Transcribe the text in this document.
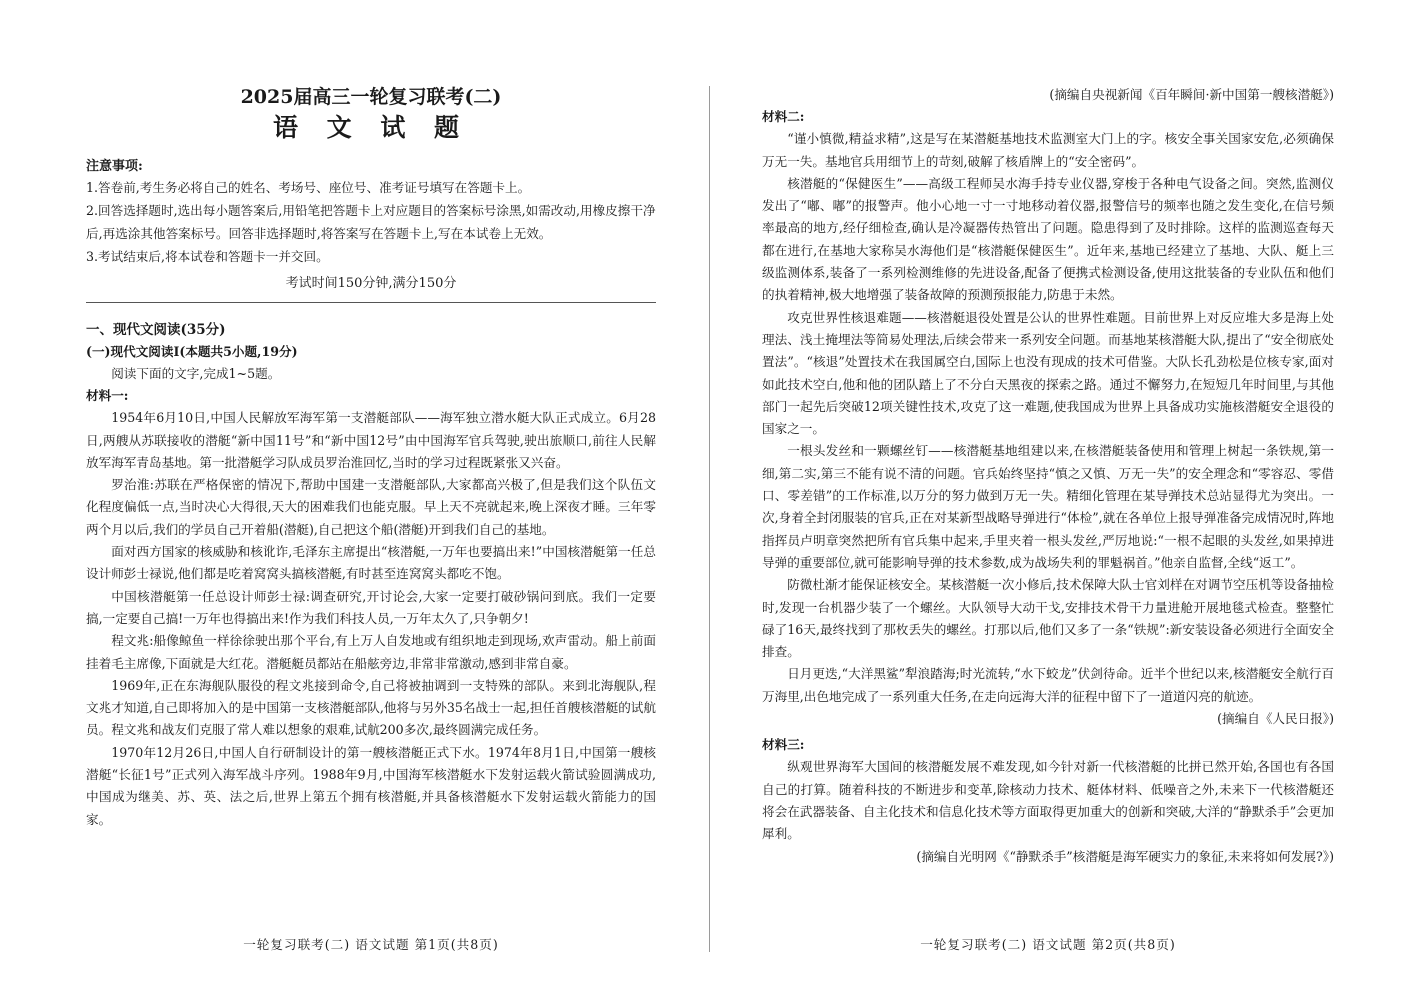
2025届高三一轮复习联考(二)
语 文 试 题

注意事项:

1.答卷前,考生务必将自己的姓名、考场号、座位号、准考证号填写在答题卡上。

2.回答选择题时,选出每小题答案后,用铅笔把答题卡上对应题目的答案标号涂黑,如需改动,用橡皮擦干净后,再选涂其他答案标号。回答非选择题时,将答案写在答题卡上,写在本试卷上无效。

3.考试结束后,将本试卷和答题卡一并交回。

考试时间150分钟,满分150分

一、现代文阅读(35分)

(一)现代文阅读Ⅰ(本题共5小题,19分)

阅读下面的文字,完成1~5题。

材料一:

1954年6月10日,中国人民解放军海军第一支潜艇部队——海军独立潜水艇大队正式成立。6月28日,两艘从苏联接收的潜艇“新中国11号”和“新中国12号”由中国海军官兵驾驶,驶出旅顺口,前往人民解放军海军青岛基地。第一批潜艇学习队成员罗治淮回忆,当时的学习过程既紧张又兴奋。

罗治淮:苏联在严格保密的情况下,帮助中国建一支潜艇部队,大家都高兴极了,但是我们这个队伍文化程度偏低一点,当时决心大得很,天大的困难我们也能克服。早上天不亮就起来,晚上深夜才睡。三年零两个月以后,我们的学员自己开着船(潜艇),自己把这个船(潜艇)开到我们自己的基地。

面对西方国家的核威胁和核讹诈,毛泽东主席提出“核潜艇,一万年也要搞出来!”中国核潜艇第一任总设计师彭士禄说,他们都是吃着窝窝头搞核潜艇,有时甚至连窝窝头都吃不饱。

中国核潜艇第一任总设计师彭士禄:调查研究,开讨论会,大家一定要打破砂锅问到底。我们一定要搞,一定要自己搞!一万年也得搞出来!作为我们科技人员,一万年太久了,只争朝夕!

程文兆:船像鲸鱼一样徐徐驶出那个平台,有上万人自发地或有组织地走到现场,欢声雷动。船上前面挂着毛主席像,下面就是大红花。潜艇艇员都站在船舷旁边,非常非常激动,感到非常自豪。

1969年,正在东海舰队服役的程文兆接到命令,自己将被抽调到一支特殊的部队。来到北海舰队,程文兆才知道,自己即将加入的是中国第一支核潜艇部队,他将与另外35名战士一起,担任首艘核潜艇的试航员。程文兆和战友们克服了常人难以想象的艰难,试航200多次,最终圆满完成任务。

1970年12月26日,中国人自行研制设计的第一艘核潜艇正式下水。1974年8月1日,中国第一艘核潜艇“长征1号”正式列入海军战斗序列。1988年9月,中国海军核潜艇水下发射运载火箭试验圆满成功,中国成为继美、苏、英、法之后,世界上第五个拥有核潜艇,并具备核潜艇水下发射运载火箭能力的国家。

(摘编自央视新闻《百年瞬间·新中国第一艘核潜艇》)

材料二:

“谨小慎微,精益求精”,这是写在某潜艇基地技术监测室大门上的字。核安全事关国家安危,必须确保万无一失。基地官兵用细节上的苛刻,破解了核盾牌上的“安全密码”。

核潜艇的“保健医生”——高级工程师吴水海手持专业仪器,穿梭于各种电气设备之间。突然,监测仪发出了“嘟、嘟”的报警声。他小心地一寸一寸地移动着仪器,报警信号的频率也随之发生变化,在信号频率最高的地方,经仔细检查,确认是冷凝器传热管出了问题。隐患得到了及时排除。这样的监测巡查每天都在进行,在基地大家称吴水海他们是“核潜艇保健医生”。近年来,基地已经建立了基地、大队、艇上三级监测体系,装备了一系列检测维修的先进设备,配备了便携式检测设备,使用这批装备的专业队伍和他们的执着精神,极大地增强了装备故障的预测预报能力,防患于未然。

攻克世界性核退难题——核潜艇退役处置是公认的世界性难题。目前世界上对反应堆大多是海上处理法、浅土掩埋法等简易处理法,后续会带来一系列安全问题。而基地某核潜艇大队,提出了“安全彻底处置法”。“核退”处置技术在我国属空白,国际上也没有现成的技术可借鉴。大队长孔劲松是位核专家,面对如此技术空白,他和他的团队踏上了不分白天黑夜的探索之路。通过不懈努力,在短短几年时间里,与其他部门一起先后突破12项关键性技术,攻克了这一难题,使我国成为世界上具备成功实施核潜艇安全退役的国家之一。

一根头发丝和一颗螺丝钉——核潜艇基地组建以来,在核潜艇装备使用和管理上树起一条铁规,第一细,第二实,第三不能有说不清的问题。官兵始终坚持“慎之又慎、万无一失”的安全理念和“零容忍、零借口、零差错”的工作标准,以万分的努力做到万无一失。精细化管理在某导弹技术总站显得尤为突出。一次,身着全封闭服装的官兵,正在对某新型战略导弹进行“体检”,就在各单位上报导弹准备完成情况时,阵地指挥员卢明章突然把所有官兵集中起来,手里夹着一根头发丝,严厉地说:“一根不起眼的头发丝,如果掉进导弹的重要部位,就可能影响导弹的技术参数,成为战场失利的罪魁祸首。”他亲自监督,全线“返工”。

防微杜渐才能保证核安全。某核潜艇一次小修后,技术保障大队士官刘样在对调节空压机等设备抽检时,发现一台机器少装了一个螺丝。大队领导大动干戈,安排技术骨干力量进舱开展地毯式检查。整整忙碌了16天,最终找到了那枚丢失的螺丝。打那以后,他们又多了一条“铁规”:新安装设备必须进行全面安全排查。

日月更迭,“大洋黑鲨”犁浪踏海;时光流转,“水下蛟龙”伏剑待命。近半个世纪以来,核潜艇安全航行百万海里,出色地完成了一系列重大任务,在走向远海大洋的征程中留下了一道道闪亮的航迹。

(摘编自《人民日报》)

材料三:

纵观世界海军大国间的核潜艇发展不难发现,如今针对新一代核潜艇的比拼已然开始,各国也有各国自己的打算。随着科技的不断进步和变革,除核动力技术、艇体材料、低噪音之外,未来下一代核潜艇还将会在武器装备、自主化技术和信息化技术等方面取得更加重大的创新和突破,大洋的“静默杀手”会更加犀利。

(摘编自光明网《“静默杀手”核潜艇是海军硬实力的象征,未来将如何发展?》)

一轮复习联考(二) 语文试题 第1页(共8页)	一轮复习联考(二) 语文试题 第2页(共8页)
